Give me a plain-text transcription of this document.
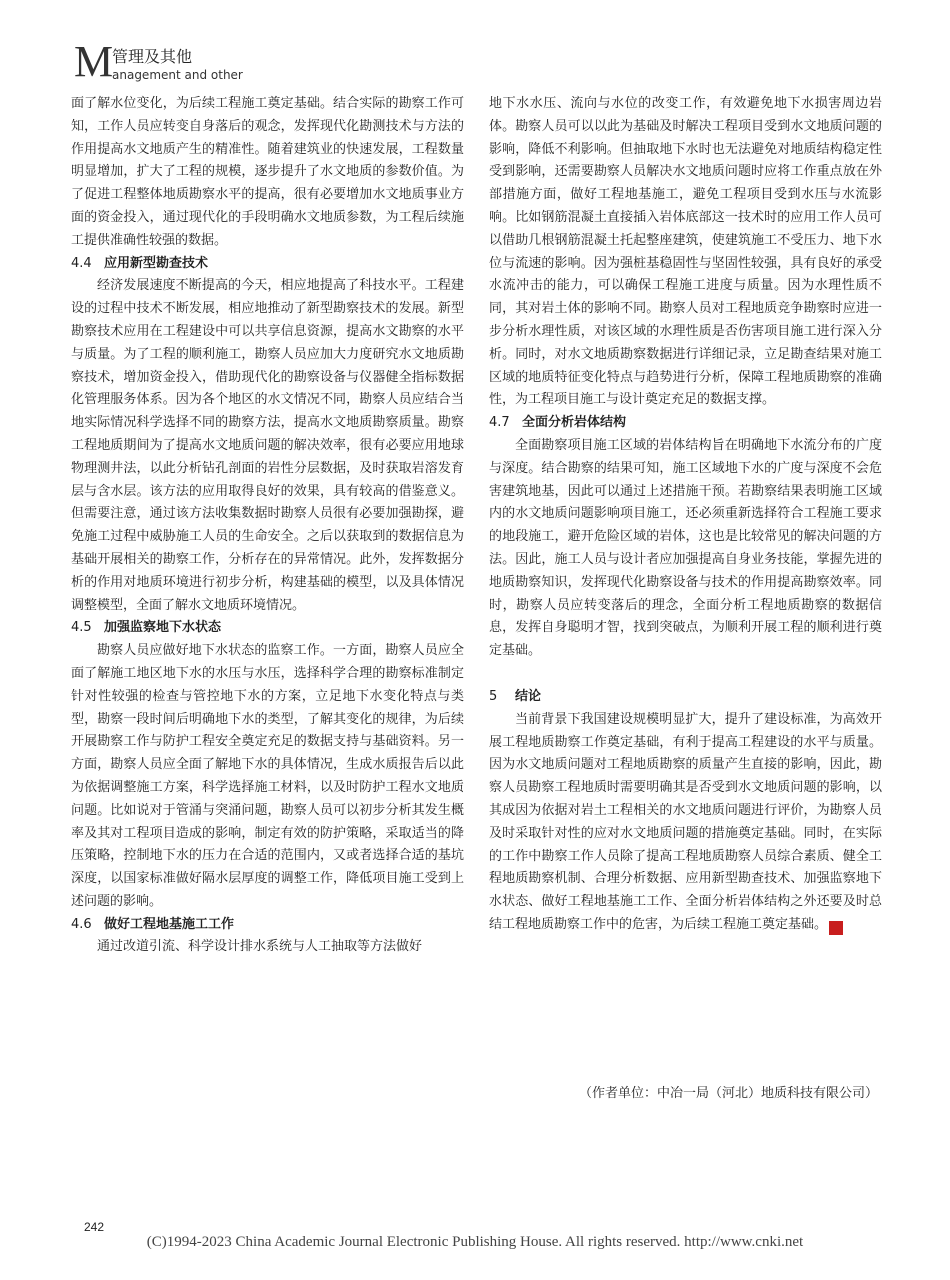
M
管理及其他
anagement and other

面了解水位变化，为后续工程施工奠定基础。结合实际的勘察工作可知，工作人员应转变自身落后的观念，发挥现代化勘测技术与方法的作用提高水文地质产生的精准性。随着建筑业的快速发展，工程数量明显增加，扩大了工程的规模，逐步提升了水文地质的参数价值。为了促进工程整体地质勘察水平的提高，很有必要增加水文地质事业方面的资金投入，通过现代化的手段明确水文地质参数，为工程后续施工提供准确性较强的数据。

4.4 应用新型勘查技术

经济发展速度不断提高的今天，相应地提高了科技水平。工程建设的过程中技术不断发展，相应地推动了新型勘察技术的发展。新型勘察技术应用在工程建设中可以共享信息资源，提高水文勘察的水平与质量。为了工程的顺利施工，勘察人员应加大力度研究水文地质勘察技术，增加资金投入，借助现代化的勘察设备与仪器健全指标数据化管理服务体系。因为各个地区的水文情况不同，勘察人员应结合当地实际情况科学选择不同的勘察方法，提高水文地质勘察质量。勘察工程地质期间为了提高水文地质问题的解决效率，很有必要应用地球物理测井法，以此分析钻孔剖面的岩性分层数据，及时获取岩溶发育层与含水层。该方法的应用取得良好的效果，具有较高的借鉴意义。但需要注意，通过该方法收集数据时勘察人员很有必要加强勘探，避免施工过程中威胁施工人员的生命安全。之后以获取到的数据信息为基础开展相关的勘察工作，分析存在的异常情况。此外，发挥数据分析的作用对地质环境进行初步分析，构建基础的模型，以及具体情况调整模型，全面了解水文地质环境情况。

4.5 加强监察地下水状态

勘察人员应做好地下水状态的监察工作。一方面，勘察人员应全面了解施工地区地下水的水压与水压，选择科学合理的勘察标准制定针对性较强的检查与管控地下水的方案，立足地下水变化特点与类型，勘察一段时间后明确地下水的类型，了解其变化的规律，为后续开展勘察工作与防护工程安全奠定充足的数据支持与基础资料。另一方面，勘察人员应全面了解地下水的具体情况，生成水质报告后以此为依据调整施工方案，科学选择施工材料，以及时防护工程水文地质问题。比如说对于管涌与突涌问题，勘察人员可以初步分析其发生概率及其对工程项目造成的影响，制定有效的防护策略，采取适当的降压策略，控制地下水的压力在合适的范围内，又或者选择合适的基坑深度，以国家标准做好隔水层厚度的调整工作，降低项目施工受到上述问题的影响。

4.6 做好工程地基施工工作

通过改道引流、科学设计排水系统与人工抽取等方法做好

地下水水压、流向与水位的改变工作，有效避免地下水损害周边岩体。勘察人员可以以此为基础及时解决工程项目受到水文地质问题的影响，降低不利影响。但抽取地下水时也无法避免对地质结构稳定性受到影响，还需要勘察人员解决水文地质问题时应将工作重点放在外部措施方面，做好工程地基施工，避免工程项目受到水压与水流影响。比如钢筋混凝土直接插入岩体底部这一技术时的应用工作人员可以借助几根钢筋混凝土托起整座建筑，使建筑施工不受压力、地下水位与流速的影响。因为强桩基稳固性与坚固性较强，具有良好的承受水流冲击的能力，可以确保工程施工进度与质量。因为水理性质不同，其对岩土体的影响不同。勘察人员对工程地质竞争勘察时应进一步分析水理性质，对该区域的水理性质是否伤害项目施工进行深入分析。同时，对水文地质勘察数据进行详细记录，立足勘查结果对施工区域的地质特征变化特点与趋势进行分析，保障工程地质勘察的准确性，为工程项目施工与设计奠定充足的数据支撑。

4.7 全面分析岩体结构

全面勘察项目施工区域的岩体结构旨在明确地下水流分布的广度与深度。结合勘察的结果可知，施工区域地下水的广度与深度不会危害建筑地基，因此可以通过上述措施干预。若勘察结果表明施工区域内的水文地质问题影响项目施工，还必须重新选择符合工程施工要求的地段施工，避开危险区域的岩体，这也是比较常见的解决问题的方法。因此，施工人员与设计者应加强提高自身业务技能，掌握先进的地质勘察知识，发挥现代化勘察设备与技术的作用提高勘察效率。同时，勘察人员应转变落后的理念，全面分析工程地质勘察的数据信息，发挥自身聪明才智，找到突破点，为顺利开展工程的顺利进行奠定基础。

5 结论

当前背景下我国建设规模明显扩大，提升了建设标准，为高效开展工程地质勘察工作奠定基础，有利于提高工程建设的水平与质量。因为水文地质问题对工程地质勘察的质量产生直接的影响，因此，勘察人员勘察工程地质时需要明确其是否受到水文地质问题的影响，以其成因为依据对岩土工程相关的水文地质问题进行评价，为勘察人员及时采取针对性的应对水文地质问题的措施奠定基础。同时，在实际的工作中勘察工作人员除了提高工程地质勘察人员综合素质、健全工程地质勘察机制、合理分析数据、应用新型勘查技术、加强监察地下水状态、做好工程地基施工工作、全面分析岩体结构之外还要及时总结工程地质勘察工作中的危害，为后续工程施工奠定基础。	通

（作者单位：中冶一局（河北）地质科技有限公司）
242
(C)1994-2023 China Academic Journal Electronic Publishing House. All rights reserved. http://www.cnki.net
